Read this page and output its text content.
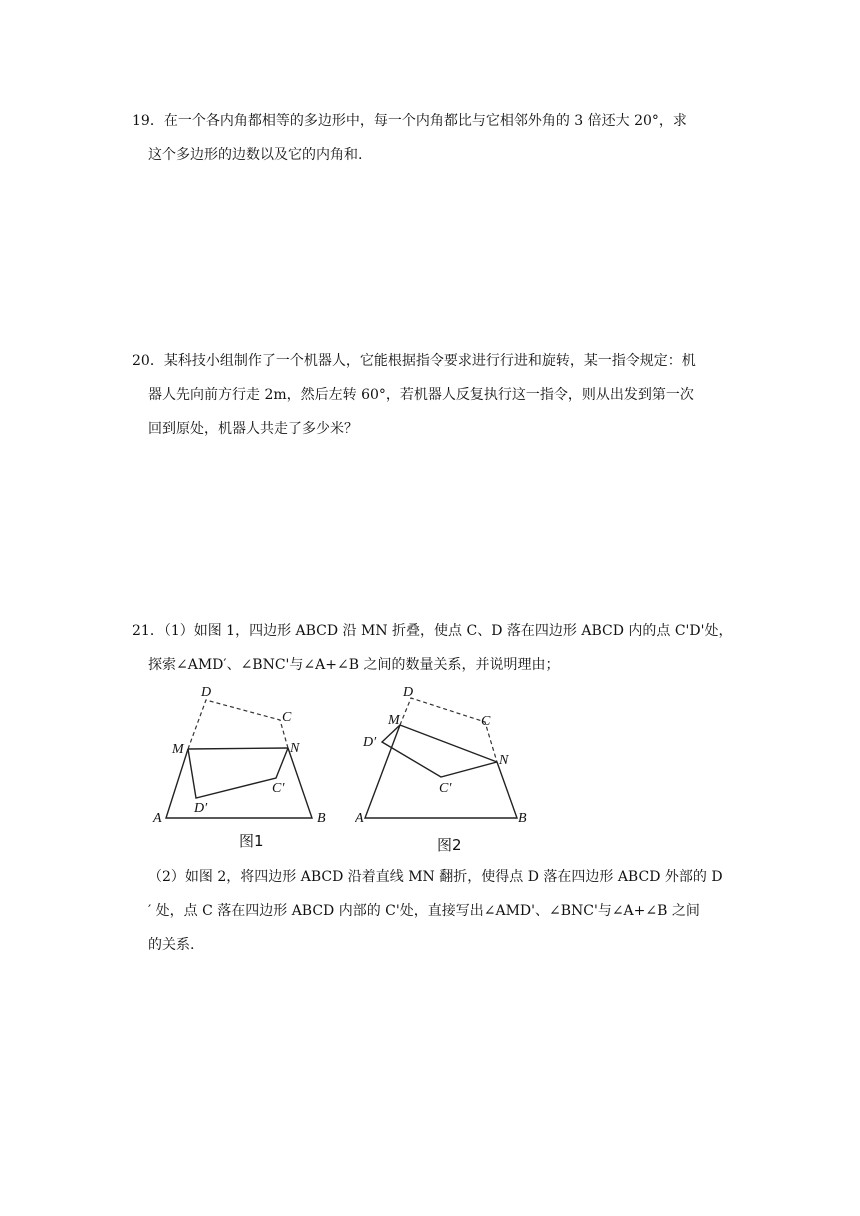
19．在一个各内角都相等的多边形中，每一个内角都比与它相邻外角的 3 倍还大 20°，求
这个多边形的边数以及它的内角和.
20．某科技小组制作了一个机器人，它能根据指令要求进行行进和旋转，某一指令规定：机
器人先向前方行走 2m，然后左转 60°，若机器人反复执行这一指令，则从出发到第一次
回到原处，机器人共走了多少米？
21．（1）如图 1，四边形 ABCD 沿 MN 折叠，使点 C、D 落在四边形 ABCD 内的点 C'D'处，
探索∠AMD′、∠BNC'与∠A+∠B 之间的数量关系，并说明理由；
D
C
M	N
C′
D′
A	B
图1
D
C
M
N
C′
D′
A	B
图2
（2）如图 2，将四边形 ABCD 沿着直线 MN 翻折，使得点 D 落在四边形 ABCD 外部的 D
′ 处，点 C 落在四边形 ABCD 内部的 C'处，直接写出∠AMD'、∠BNC'与∠A+∠B 之间
的关系.
